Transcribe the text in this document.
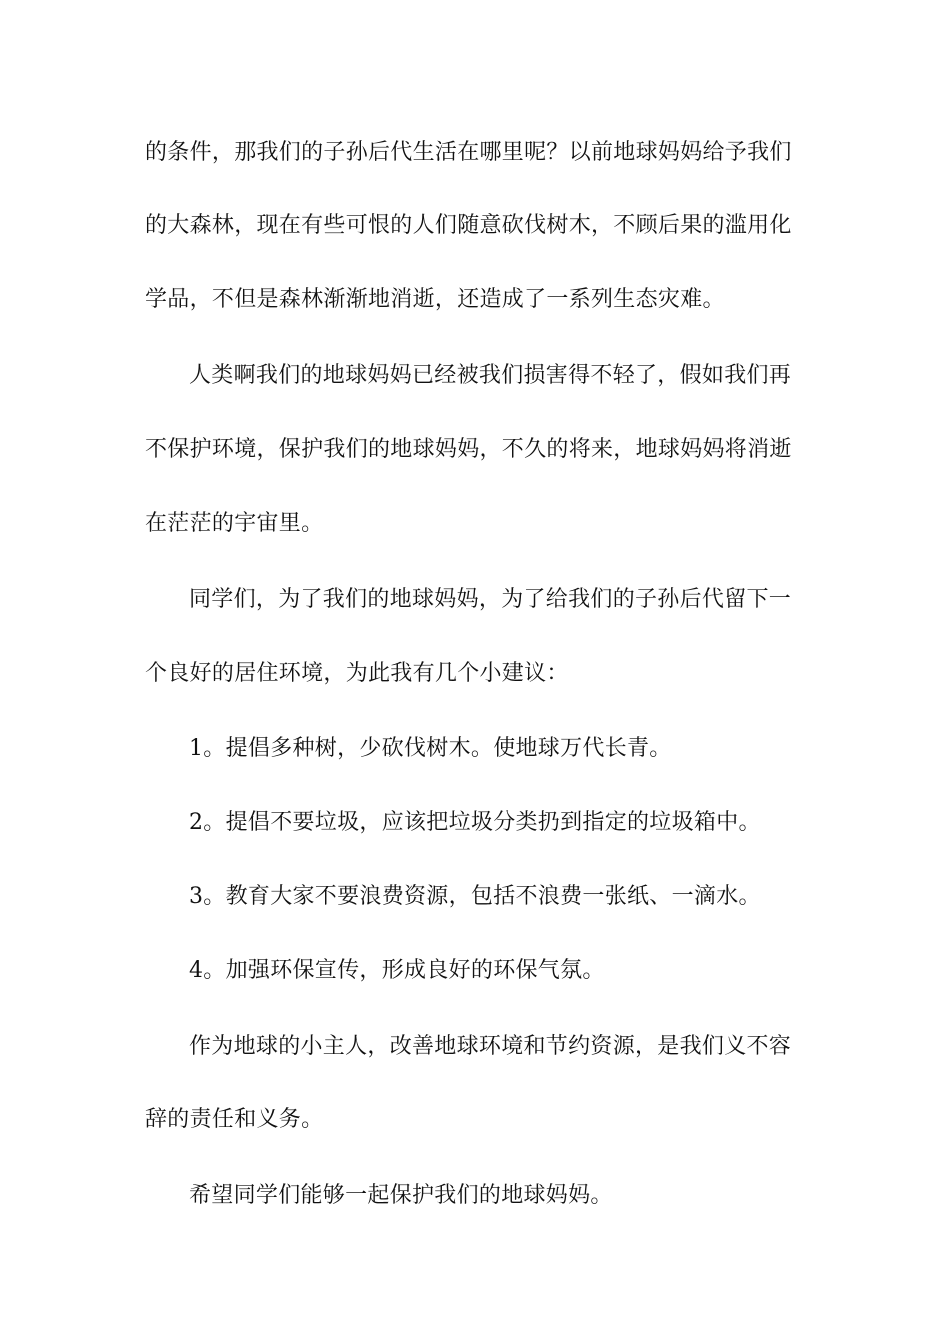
的条件，那我们的子孙后代生活在哪里呢？以前地球妈妈给予我们
的大森林，现在有些可恨的人们随意砍伐树木，不顾后果的滥用化
学品，不但是森林渐渐地消逝，还造成了一系列生态灾难。
人类啊我们的地球妈妈已经被我们损害得不轻了，假如我们再
不保护环境，保护我们的地球妈妈，不久的将来，地球妈妈将消逝
在茫茫的宇宙里。
同学们，为了我们的地球妈妈，为了给我们的子孙后代留下一
个良好的居住环境，为此我有几个小建议：
1。提倡多种树，少砍伐树木。使地球万代长青。
2。提倡不要垃圾，应该把垃圾分类扔到指定的垃圾箱中。
3。教育大家不要浪费资源，包括不浪费一张纸、一滴水。
4。加强环保宣传，形成良好的环保气氛。
作为地球的小主人，改善地球环境和节约资源，是我们义不容
辞的责任和义务。
希望同学们能够一起保护我们的地球妈妈。
